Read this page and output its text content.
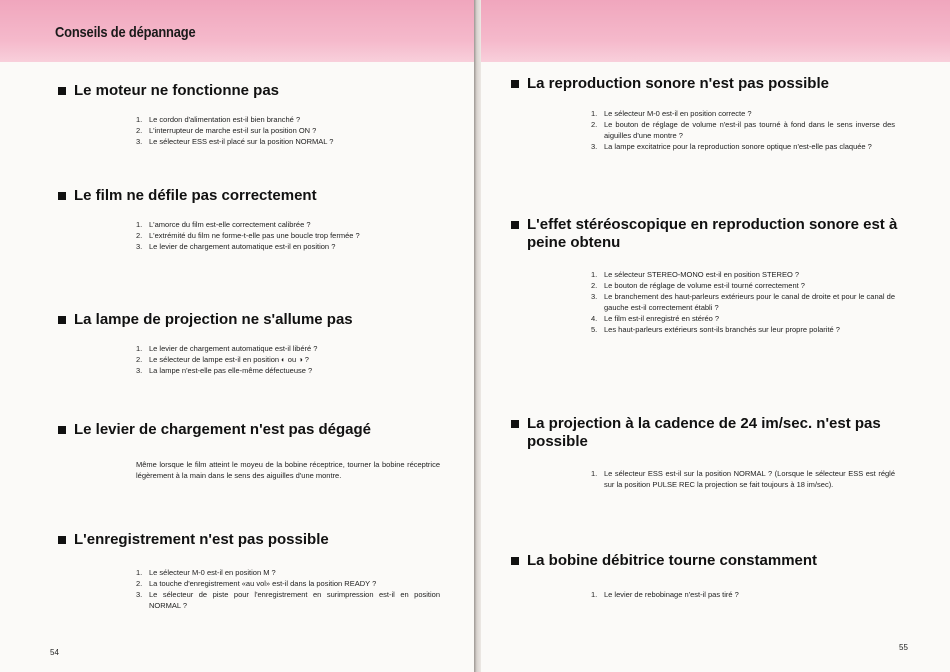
Conseils de dépannage
Le moteur ne fonctionne pas
1. Le cordon d'alimentation est-il bien branché ?
2. L'interrupteur de marche est-il sur la position ON ?
3. Le sélecteur ESS est-il placé sur la position NORMAL ?
Le film ne défile pas correctement
1. L'amorce du film est-elle correctement calibrée ?
2. L'extrémité du film ne forme-t-elle pas une boucle trop fermée ?
3. Le levier de chargement automatique est-il en position ?
La lampe de projection ne s'allume pas
1. Le levier de chargement automatique est-il libéré ?
2. Le sélecteur de lampe est-il en position ◐ ou ◑ ?
3. La lampe n'est-elle pas elle-même défectueuse ?
Le levier de chargement n'est pas dégagé

Même lorsque le film atteint le moyeu de la bobine réceptrice, tourner la bobine réceptrice légèrement à la main dans le sens des aiguilles d'une montre.

L'enregistrement n'est pas possible
1. Le sélecteur M-0 est-il en position M ?
2. La touche d'enregistrement «au vol» est-il dans la position READY ?
3. Le sélecteur de piste pour l'enregistrement en surimpression est-il en position NORMAL ?
54
La reproduction sonore n'est pas possible
1. Le sélecteur M-0 est-il en position correcte ?
2. Le bouton de réglage de volume n'est-il pas tourné à fond dans le sens inverse des aiguilles d'une montre ?
3. La lampe excitatrice pour la reproduction sonore optique n'est-elle pas claquée ?
L'effet stéréoscopique en reproduction sonore est à peine obtenu
1. Le sélecteur STEREO-MONO est-il en position STEREO ?
2. Le bouton de réglage de volume est-il tourné correctement ?
3. Le branchement des haut-parleurs extérieurs pour le canal de droite et pour le canal de gauche est-il correctement établi ?
4. Le film est-il enregistré en stéréo ?
5. Les haut-parleurs extérieurs sont-ils branchés sur leur propre polarité ?
La projection à la cadence de 24 im/sec. n'est pas possible
1. Le sélecteur ESS est-il sur la position NORMAL ? (Lorsque le sélecteur ESS est réglé sur la position PULSE REC la projection se fait toujours à 18 im/sec).
La bobine débitrice tourne constamment
1. Le levier de rebobinage n'est-il pas tiré ?
55
